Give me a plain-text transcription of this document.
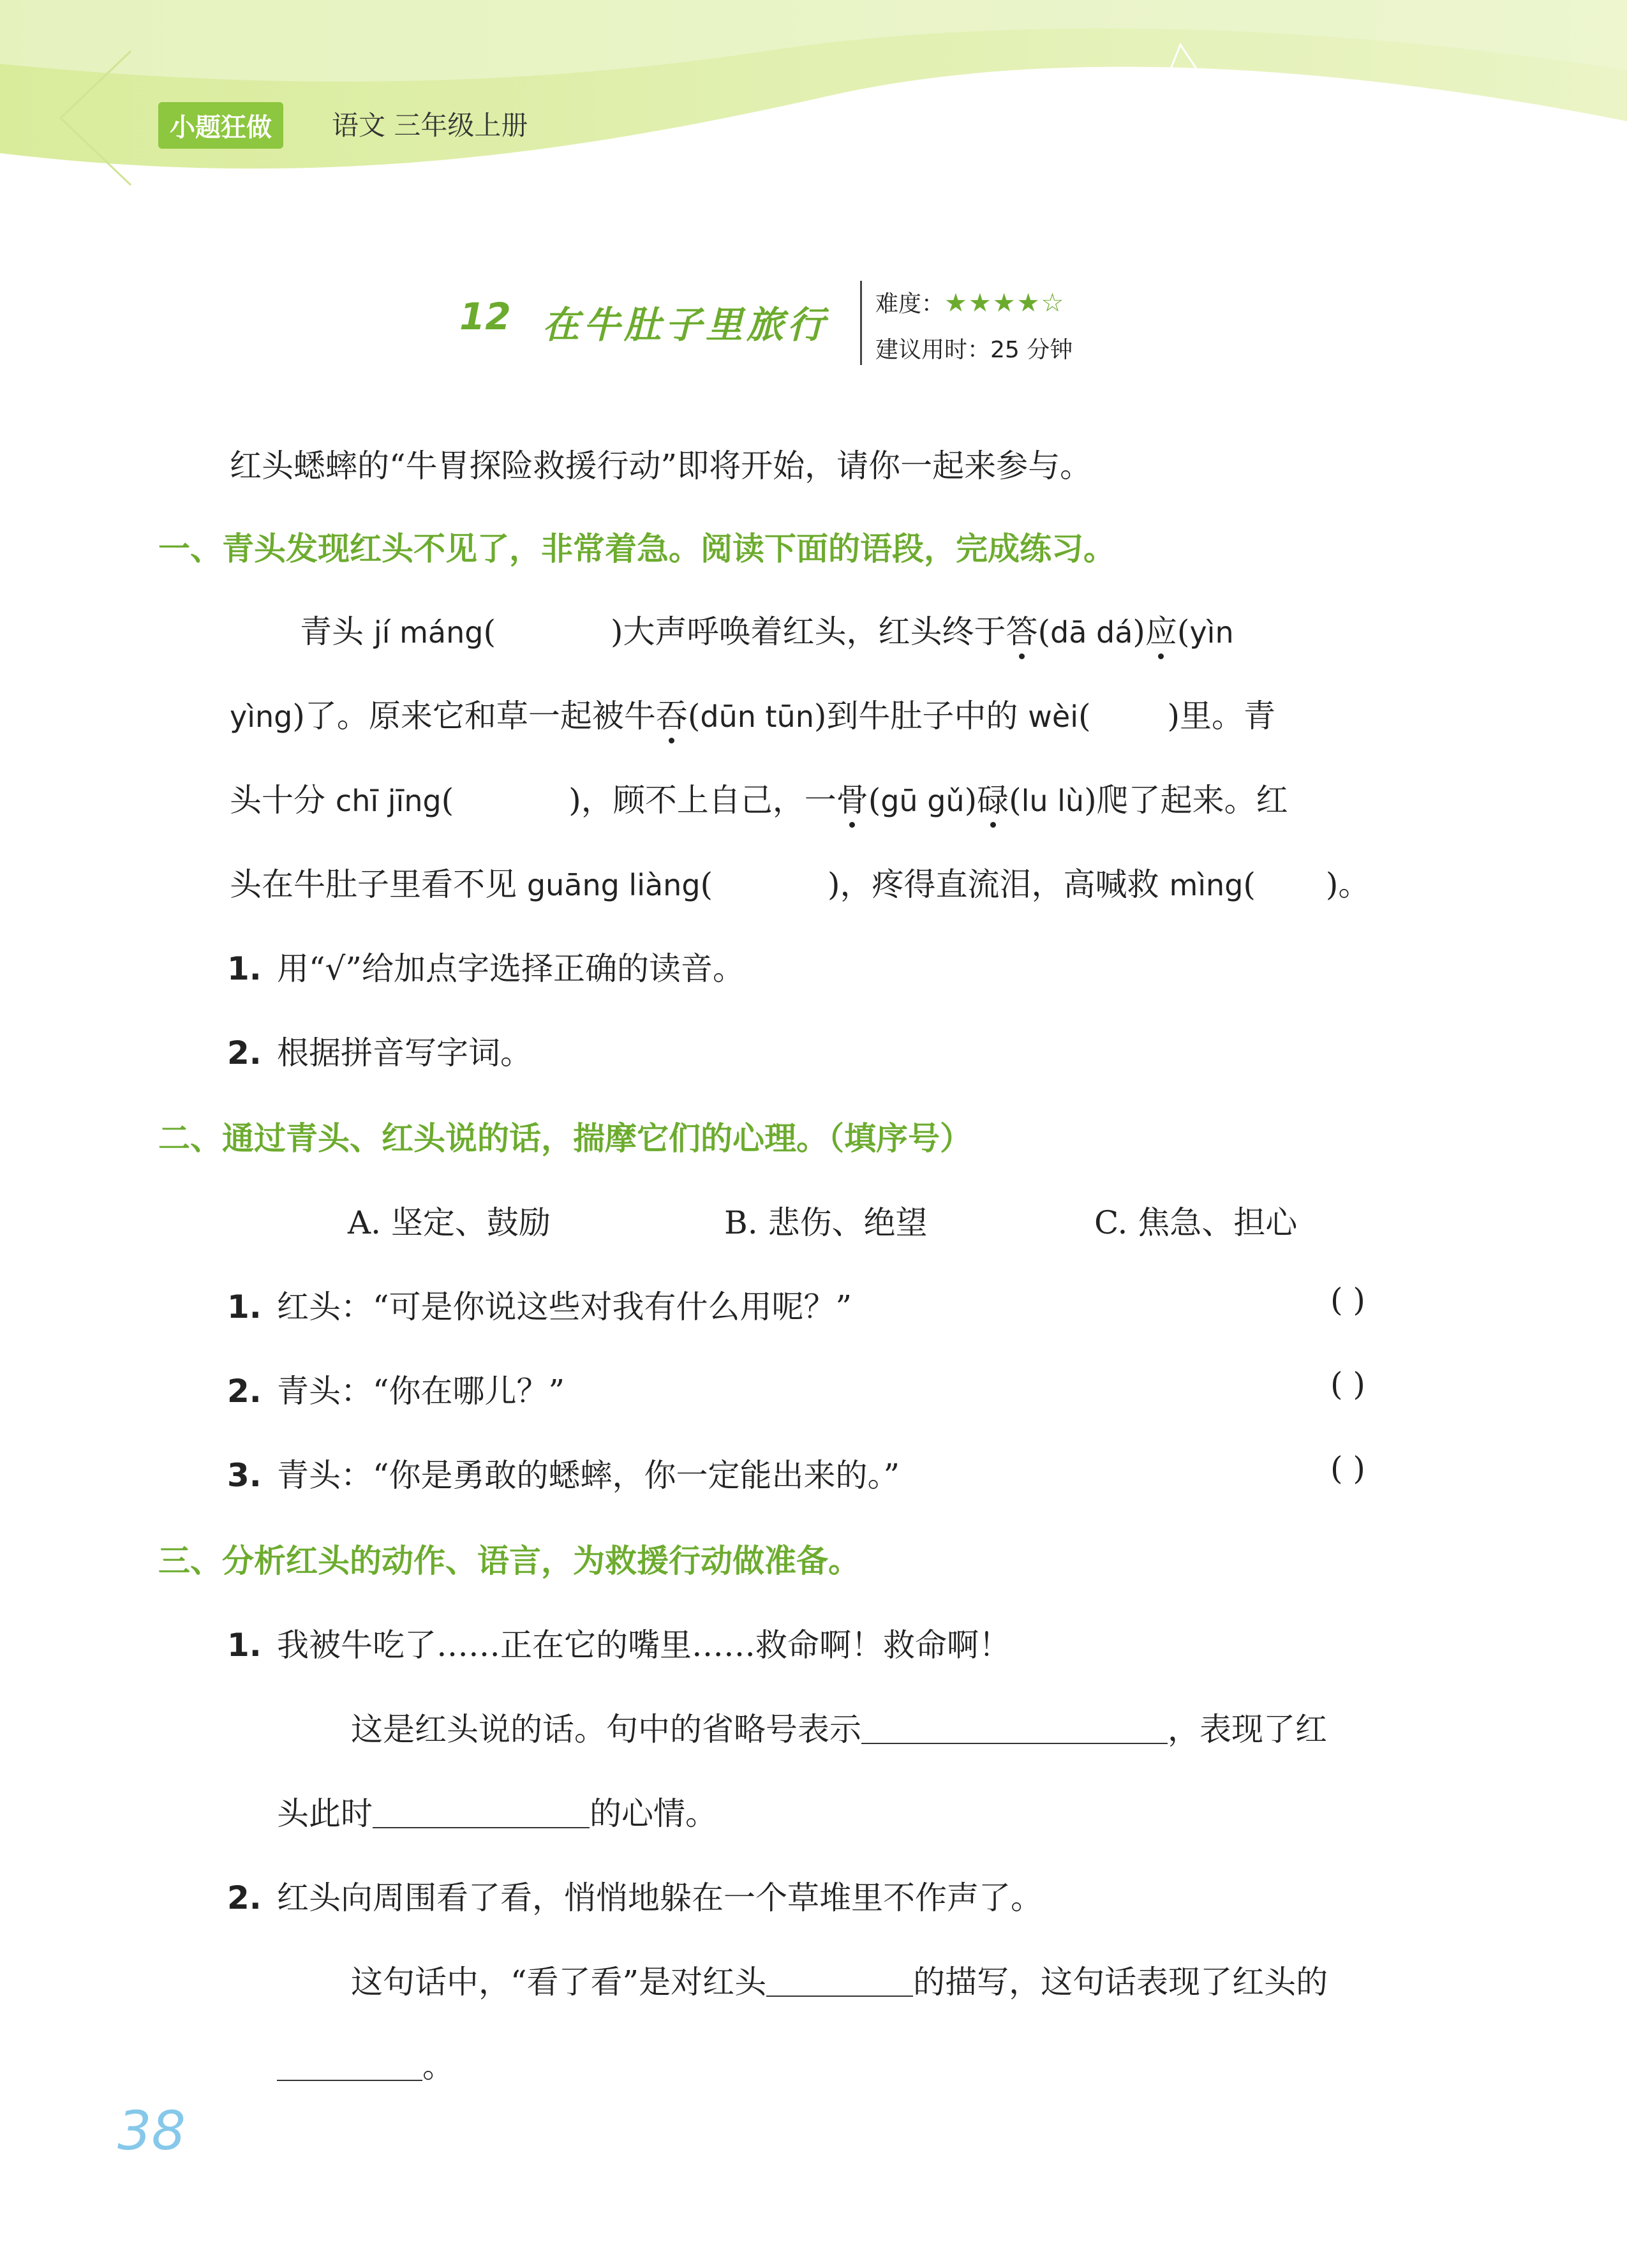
小题狂做	语文 三年级上册
12 在牛肚子里旅行 难度：★★★★☆
建议用时：25 分钟
红头蟋蟀的“牛胃探险救援行动”即将开始，请你一起来参与。
一、青头发现红头不见了，非常着急。阅读下面的语段，完成练习。
青头 jí máng(	)大声呼唤着红头，红头终于答(dā dá)应(yìn
yìng)了。原来它和草一起被牛吞(dūn tūn)到牛肚子中的 wèi( )里。青
头十分 chī jīng(	)，顾不上自己，一骨(gū gǔ)碌(lu lù)爬了起来。红
头在牛肚子里看不见 guāng liàng(	)，疼得直流泪，高喊救 mìng( )。
1. 用“√”给加点字选择正确的读音。
2. 根据拼音写字词。
二、通过青头、红头说的话，揣摩它们的心理。（填序号）
A. 坚定、鼓励	B. 悲伤、绝望	C. 焦急、担心
1. 红头：“可是你说这些对我有什么用呢？”	( )
2. 青头：“你在哪儿？”	( )
3. 青头：“你是勇敢的蟋蟀，你一定能出来的。”	( )
三、分析红头的动作、语言，为救援行动做准备。
1. 我被牛吃了……正在它的嘴里……救命啊！救命啊！
这是红头说的话。句中的省略号表示	，表现了红
头此时	的心情。
2. 红头向周围看了看，悄悄地躲在一个草堆里不作声了。
这句话中，“看了看”是对红头	的描写，这句话表现了红头的
。
38
